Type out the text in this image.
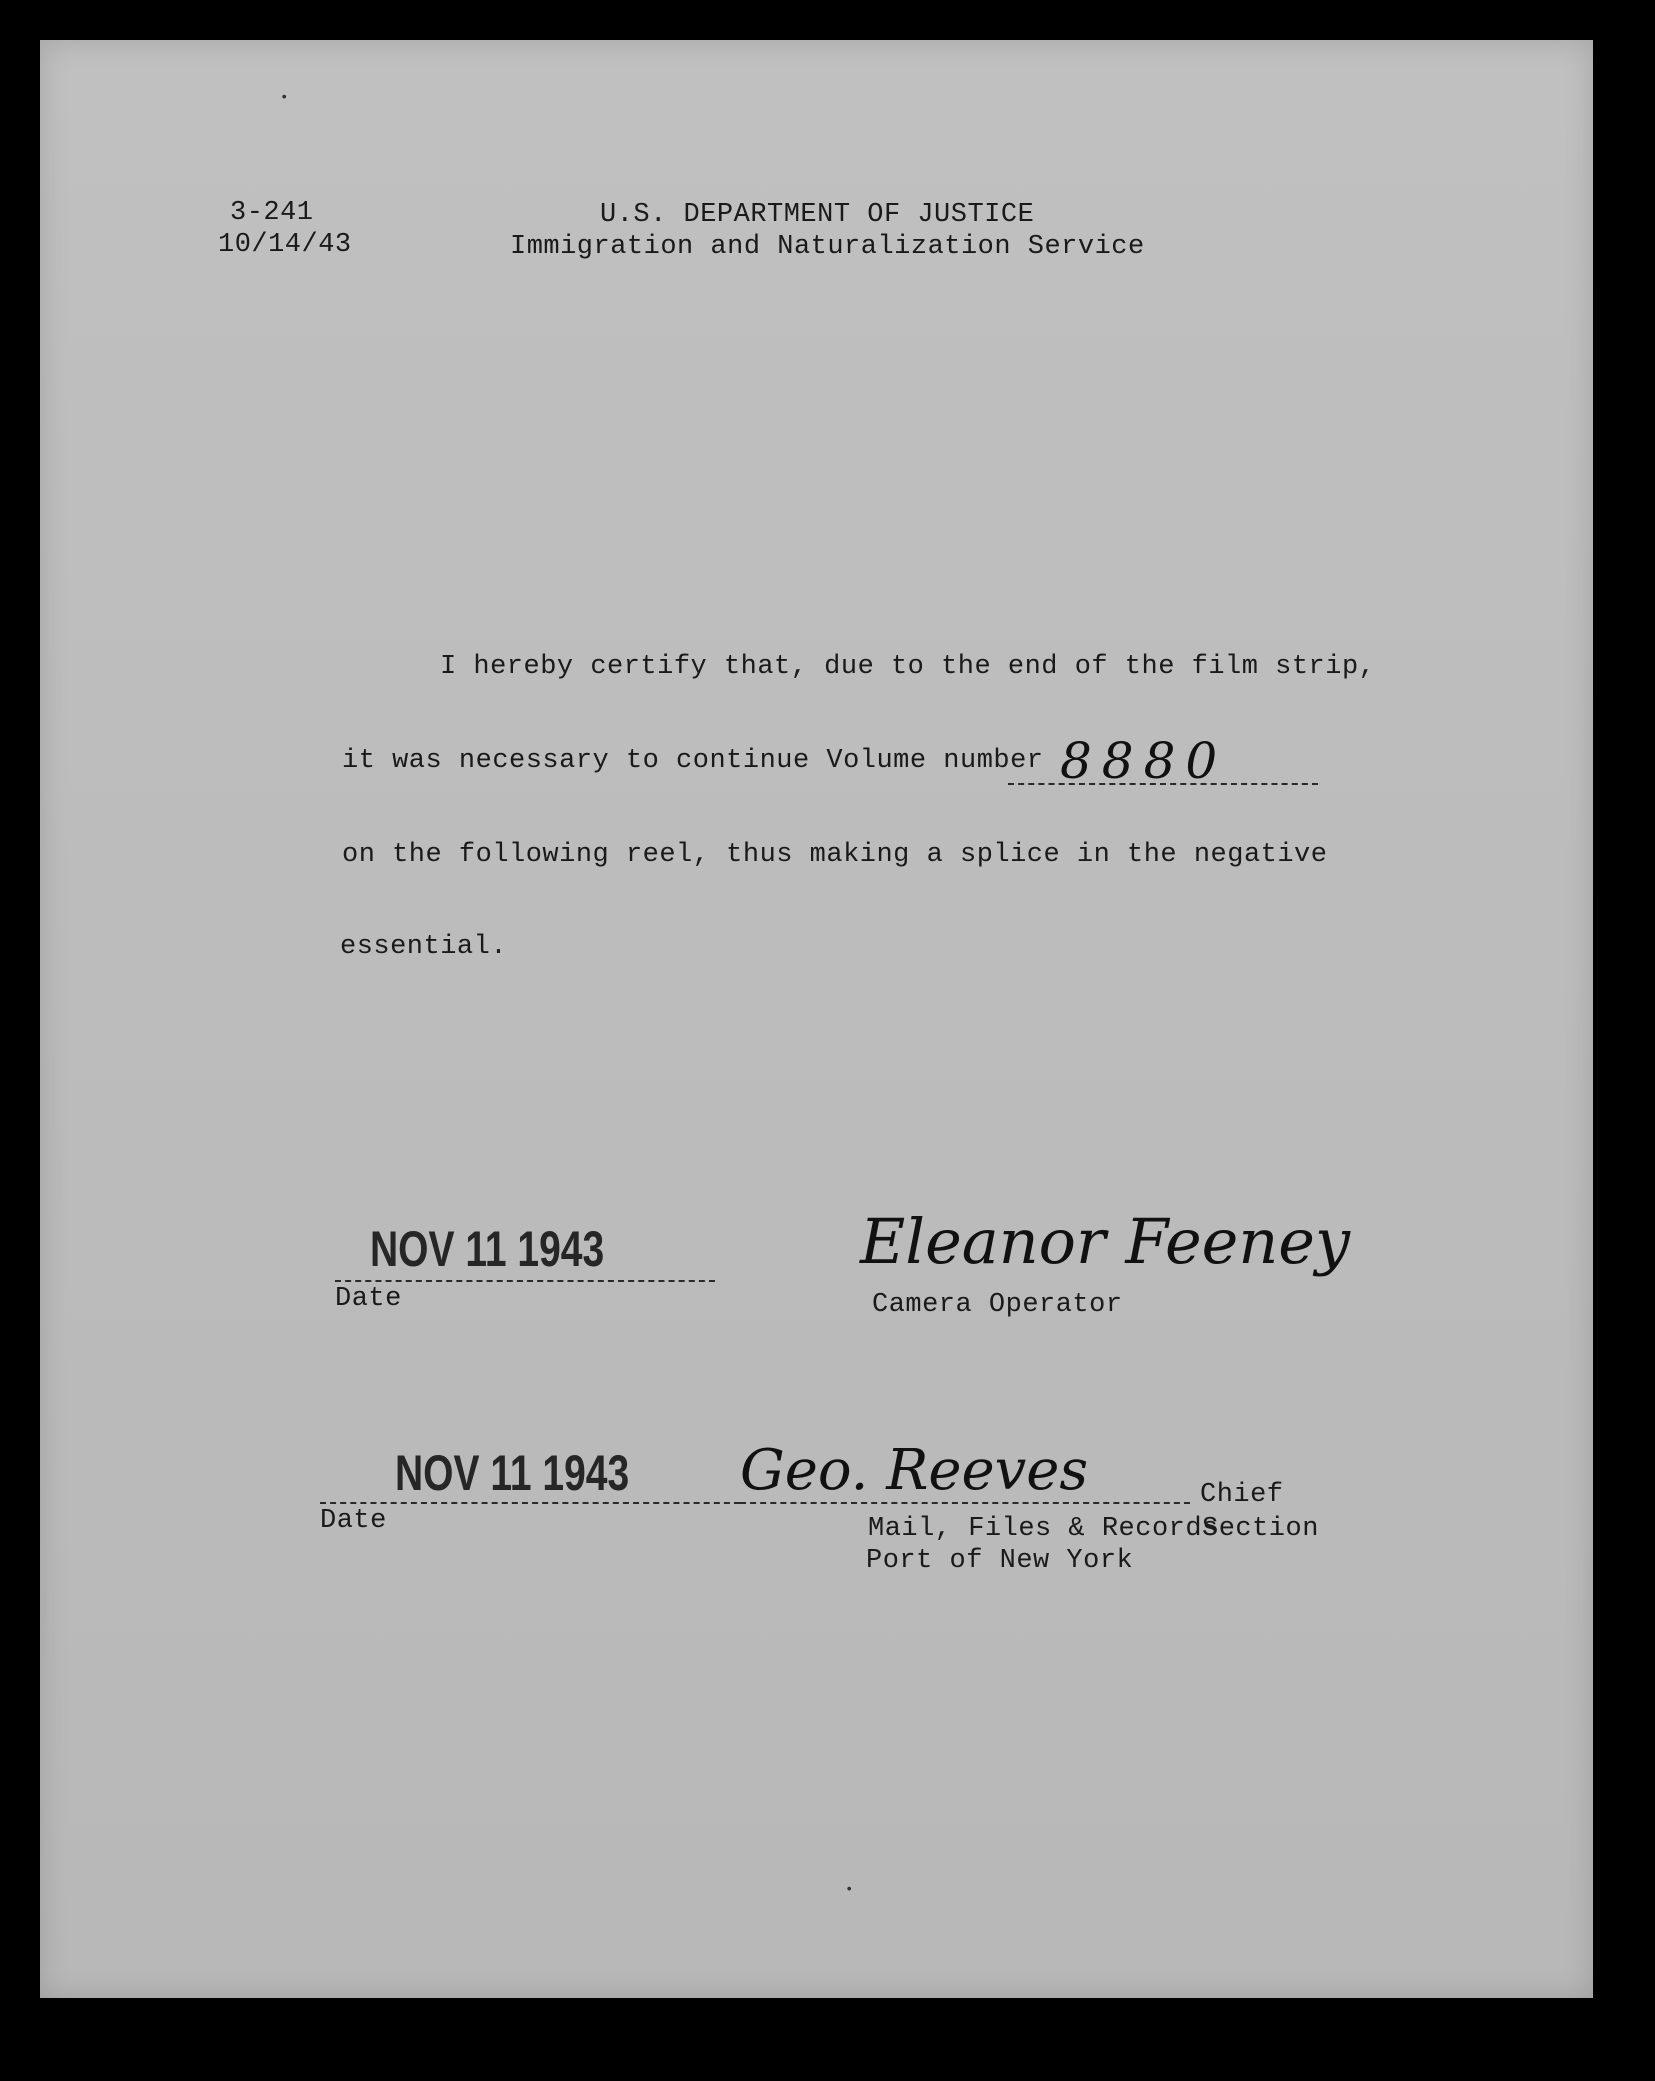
•
3-241
10/14/43
U.S. DEPARTMENT OF JUSTICE
Immigration and Naturalization Service
I hereby certify that, due to the end of the film strip,
it was necessary to continue Volume number 8880
on the following reel, thus making a splice in the negative
essential.
NOV 11 1943
Date
Eleanor Feeney
Camera Operator
NOV 11 1943
Date
Geo. Reeves	Chief
Mail, Files & Records
Section
Port of New York
•
